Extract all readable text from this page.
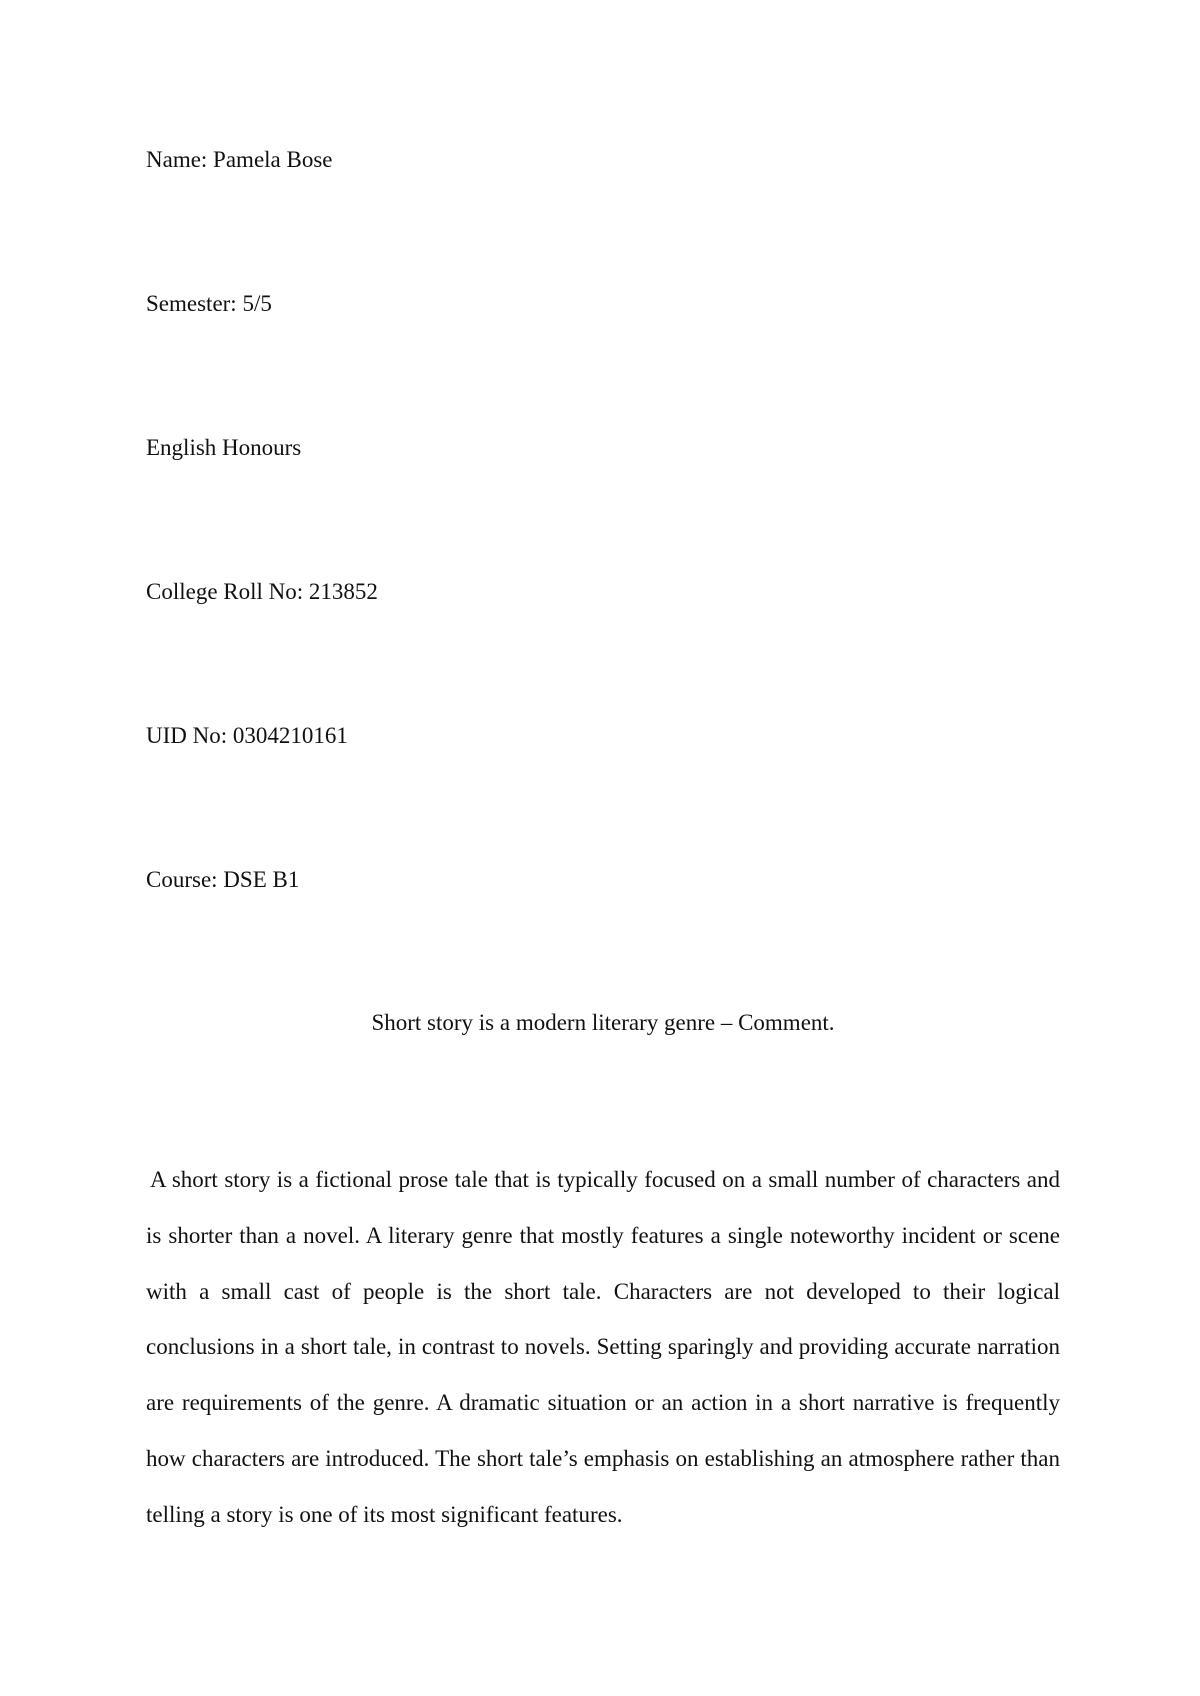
Name: Pamela Bose

Semester: 5/5

English Honours

College Roll No: 213852

UID No: 0304210161

Course: DSE B1

Short story is a modern literary genre – Comment.

A short story is a fictional prose tale that is typically focused on a small number of characters and is shorter than a novel. A literary genre that mostly features a single noteworthy incident or scene with a small cast of people is the short tale. Characters are not developed to their logical conclusions in a short tale, in contrast to novels. Setting sparingly and providing accurate narration are requirements of the genre. A dramatic situation or an action in a short narrative is frequently how characters are introduced. The short tale’s emphasis on establishing an atmosphere rather than telling a story is one of its most significant features.
